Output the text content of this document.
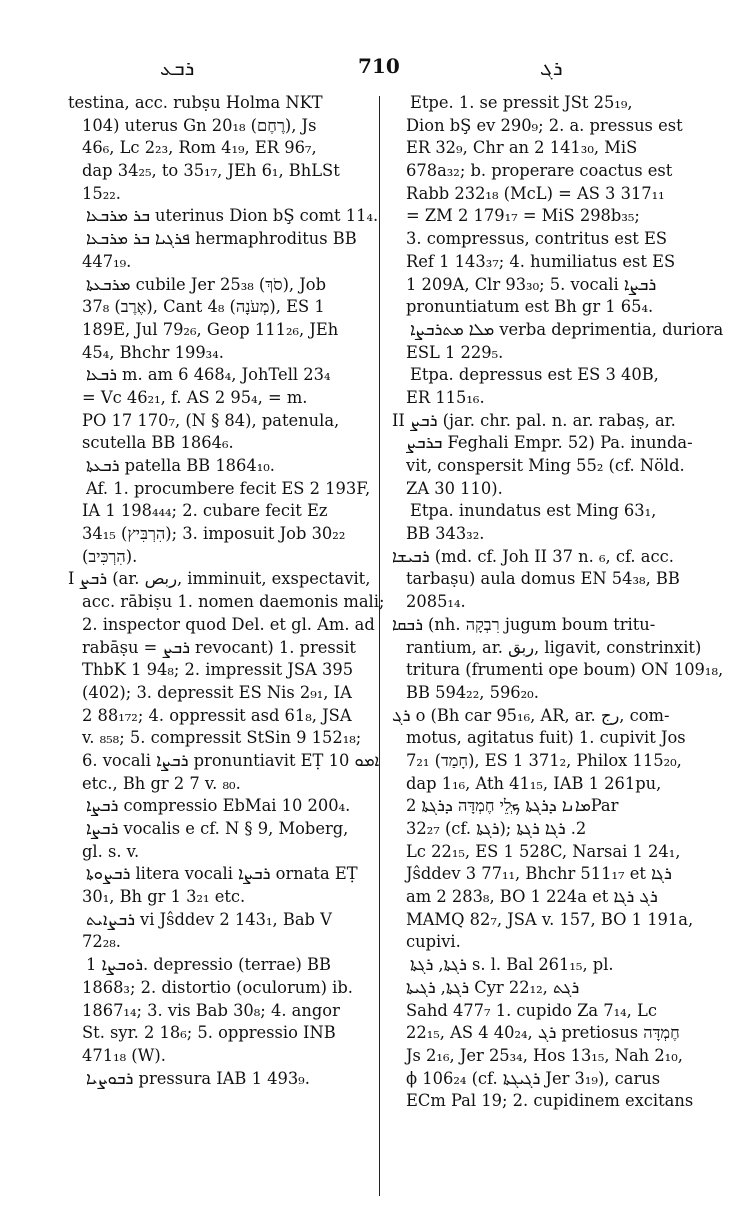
ܪܒܥ	710	ܪܓ
testina, acc. rubṣu Holma NKT
104) uterus Gn 20₁₈ (רֶחֶם), Js
46₆, Lc 2₂₃, Rom 4₁₉, ER 96₇,
dap 34₂₅, to 35₁₇, JEh 6₁, BhLSt
15₂₂.
ܒܪ ܡܪܒܥܐ uterinus Dion bŞ comt 11₄.
ܦܪܓܝܐ ܒܪ ܡܪܒܥܐ hermaphroditus BB
447₁₉.
ܡܪܒܥܬܐ cubile Jer 25₃₈ (סֹךְ), Job
37₈ (אֶרֶב), Cant 4₈ (מְעֹנָה), ES 1
189E, Jul 79₂₆, Geop 111₂₆, JEh
45₄, Bhchr 199₃₄.
ܪܒܥܐ m. am 6 468₄, JohTell 23₄
= Vc 46₂₁, f. AS 2 95₄, = m.
PO 17 170₇, (N § 84), patenula,
scutella BB 1864₆.
ܪܒܥܬܐ patella BB 1864₁₀.
Af. 1. procumbere fecit ES 2 193F,
IA 1 198₄₄₄; 2. cubare fecit Ez
34₁₅ (הִרְבִּיץ); 3. imposuit Job 30₂₂
(הִרְכִּיב).
I ܪܒܨ (ar. ربص, imminuit, exspectavit,
acc. rābiṣu 1. nomen daemonis mali;
2. inspector quod Del. et gl. Am. ad
rabāṣu = ܪܒܨ revocant) 1. pressit
ThbK 1 94₈; 2. impressit JSA 395
(402); 3. depressit ES Nis 2₉₁, IA
2 88₁₇₂; 4. oppressit asd 61₈, JSA
v. ₈₅₈; 5. compressit StSin 9 152₁₈;
6. vocali ܪܒܨܐ pronuntiavit EṬ ܐܡܘ 10
etc., Bh gr 2 7 v. ₈₀.
ܪܒܨܐ compressio EbMai 10 200₄.
ܪܒܨܐ vocalis e cf. N § 9, Moberg,
gl. s. v.
ܪܒܨܘܬܐ litera vocali ܪܒܨܐ ornata EṬ
30₁, Bh gr 1 3₂₁ etc.
ܪܒܨܐܝܬ vi Jŝddev 2 143₁, Bab V
72₂₈.
ܪܘܒܨܐ 1. depressio (terrae) BB
1868₃; 2. distortio (oculorum) ib.
1867₁₄; 3. vis Bab 30₈; 4. angor
St. syr. 2 18₆; 5. oppressio INB
471₁₈ (W).
ܪܒܘܨܝܐ pressura IAB 1 493₉.
Etpe. 1. se pressit JSt 25₁₉,
Dion bŞ ev 290₉; 2. a. pressus est
ER 32₉, Chr an 2 141₃₀, MiS
678a₃₂; b. properare coactus est
Rabb 232₁₈ (McL) = AS 3 317₁₁
= ZM 2 179₁₇ = MiS 298b₃₅;
3. compressus, contritus est ES
Ref 1 143₃₇; 4. humiliatus est ES
1 209A, Clr 93₃₀; 5. vocali ܪܒܨܐ
pronuntiatum est Bh gr 1 65₄.
ܡܠܐ ܡܬܪܒܨܐ verba deprimentia, duriora
ESL 1 229₅.
Etpa. depressus est ES 3 40B,
ER 115₁₆.
II ܪܒܨ (jar. chr. pal. n. ar. rabaṣ, ar.
ܒܪܒܨ Feghali Empr. 52) Pa. inunda-
vit, conspersit Ming 55₂ (cf. Nöld.
ZA 30 110).
Etpa. inundatus est Ming 63₁,
BB 343₃₂.
ܪܒܝܫܐ (md. cf. Joh II 37 n. ₆, cf. acc.
tarbaṣu) aula domus EN 54₃₈, BB
2085₁₄.
ܪܒܩܐ (nh. רִבְקָה jugum boum tritu-
rantium, ar. ربق, ligavit, constrinxit)
tritura (frumenti ope boum) ON 109₁₈,
BB 594₂₂, 596₂₀.
ܪܓ o (Bh car 95₁₆, AR, ar. رج, com-
motus, agitatus fuit) 1. cupivit Jos
7₂₁ (חָמַד), ES 1 371₂, Philox 115₂₀,
dap 1₁₆, Ath 41₁₅, IAB 1 261pu,
ܡܐܢܐ ܕܪܓܬܐ ܟְּלֵי חֶמְדָּה ܕܪܓܬܐ 2Par
32₂₇ (cf. ܪܓܬܐ); 2. ܪܓܐ ܪܓܬܐ
Lc 22₁₅, ES 1 528C, Narsai 1 24₁,
Jŝddev 3 77₁₁, Bhchr 511₁₇ et ܪܓܐ
am 2 283₈, BO 1 224a et ܪܓ ܪܓܐ
MAMQ 82₇, JSA v. 157, BO 1 191a,
cupivi.
ܪܓܬܐ, ܪܓܬܐ s. l. Bal 261₁₅, pl.
ܪܓܬܐ, ܪܓܝܬܐ Cyr 22₁₂, ܪܓܬ
Sahd 477₇ 1. cupido Za 7₁₄, Lc
22₁₅, AS 4 40₂₄, ܪܓ pretiosus חֶמְדָּה
Js 2₁₆, Jer 25₃₄, Hos 13₁₅, Nah 2₁₀,
ϕ 106₂₄ (cf. ܪܓܝܓܬܐ Jer 3₁₉), carus
ECm Pal 19; 2. cupidinem excitans
